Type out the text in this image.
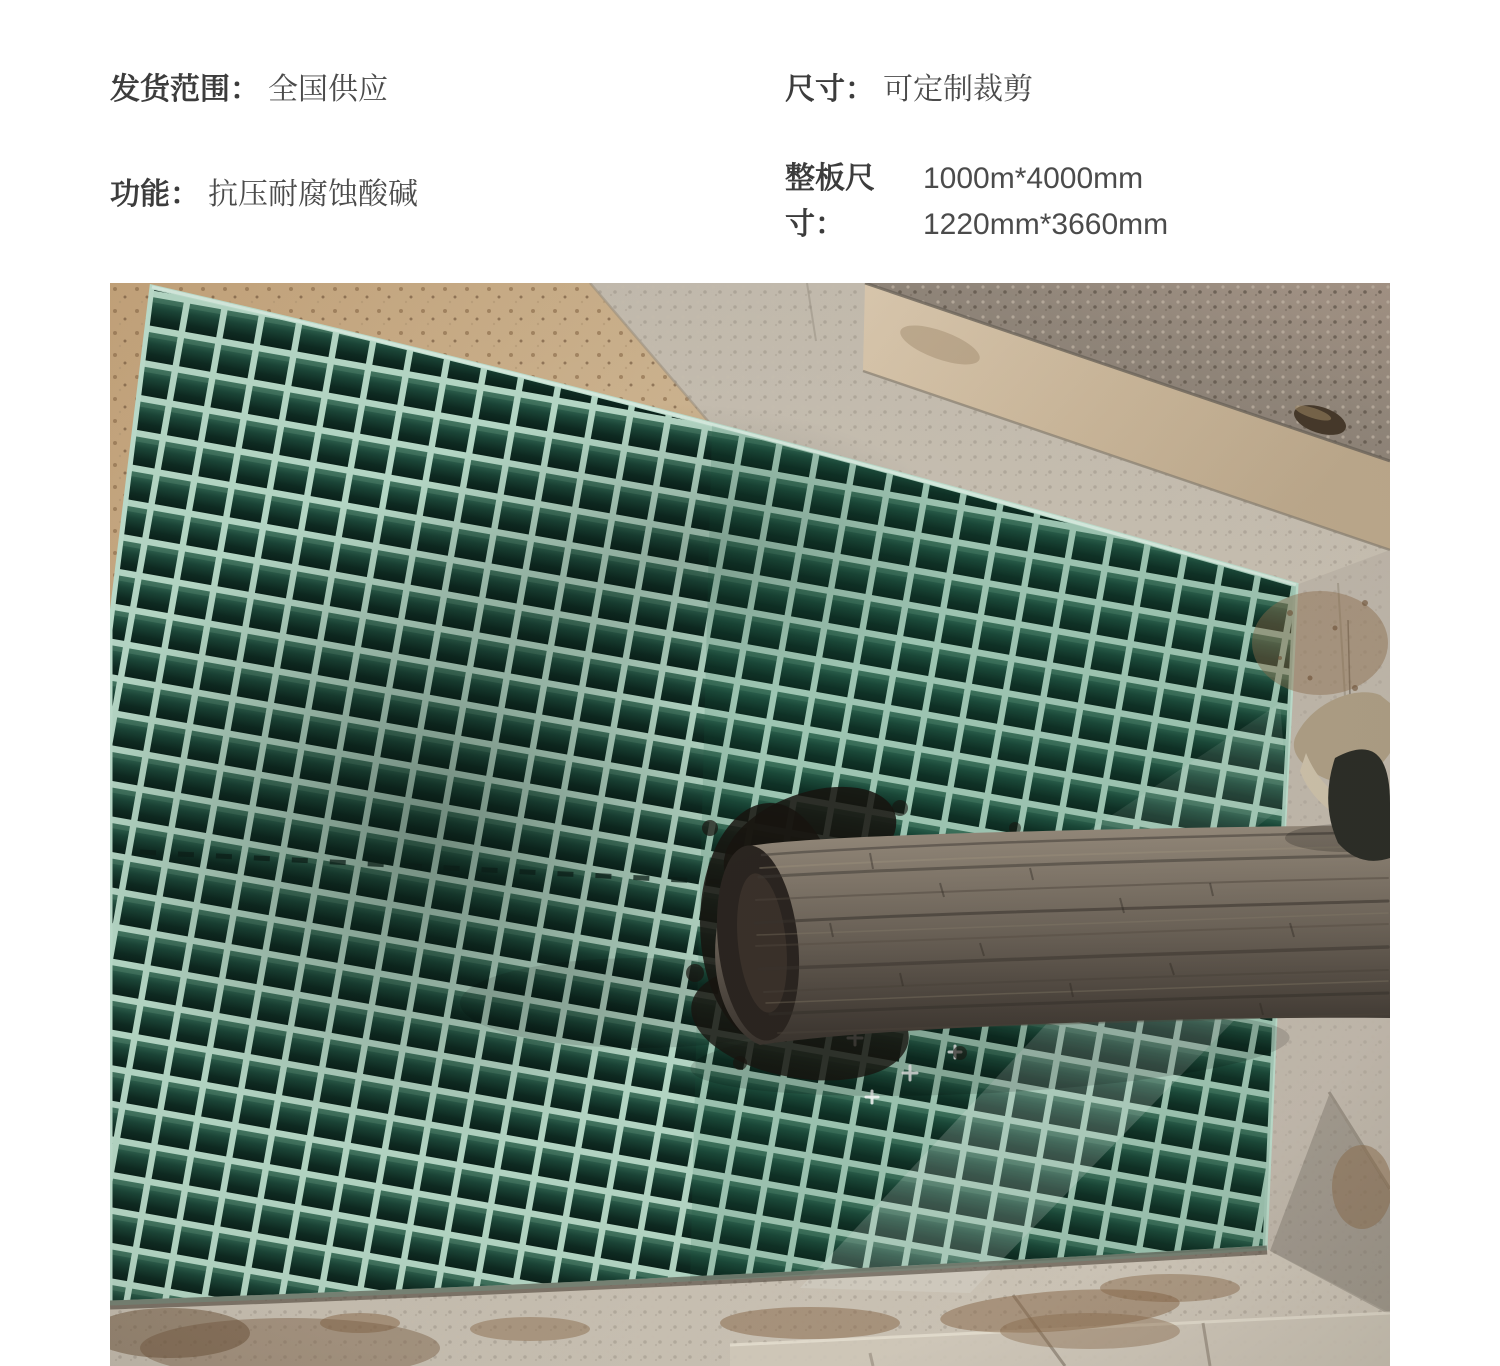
发货范围： 全国供应
功能： 抗压耐腐蚀酸碱
尺寸： 可定制裁剪
整板尺寸：
1000m*4000mm
1220mm*3660mm
